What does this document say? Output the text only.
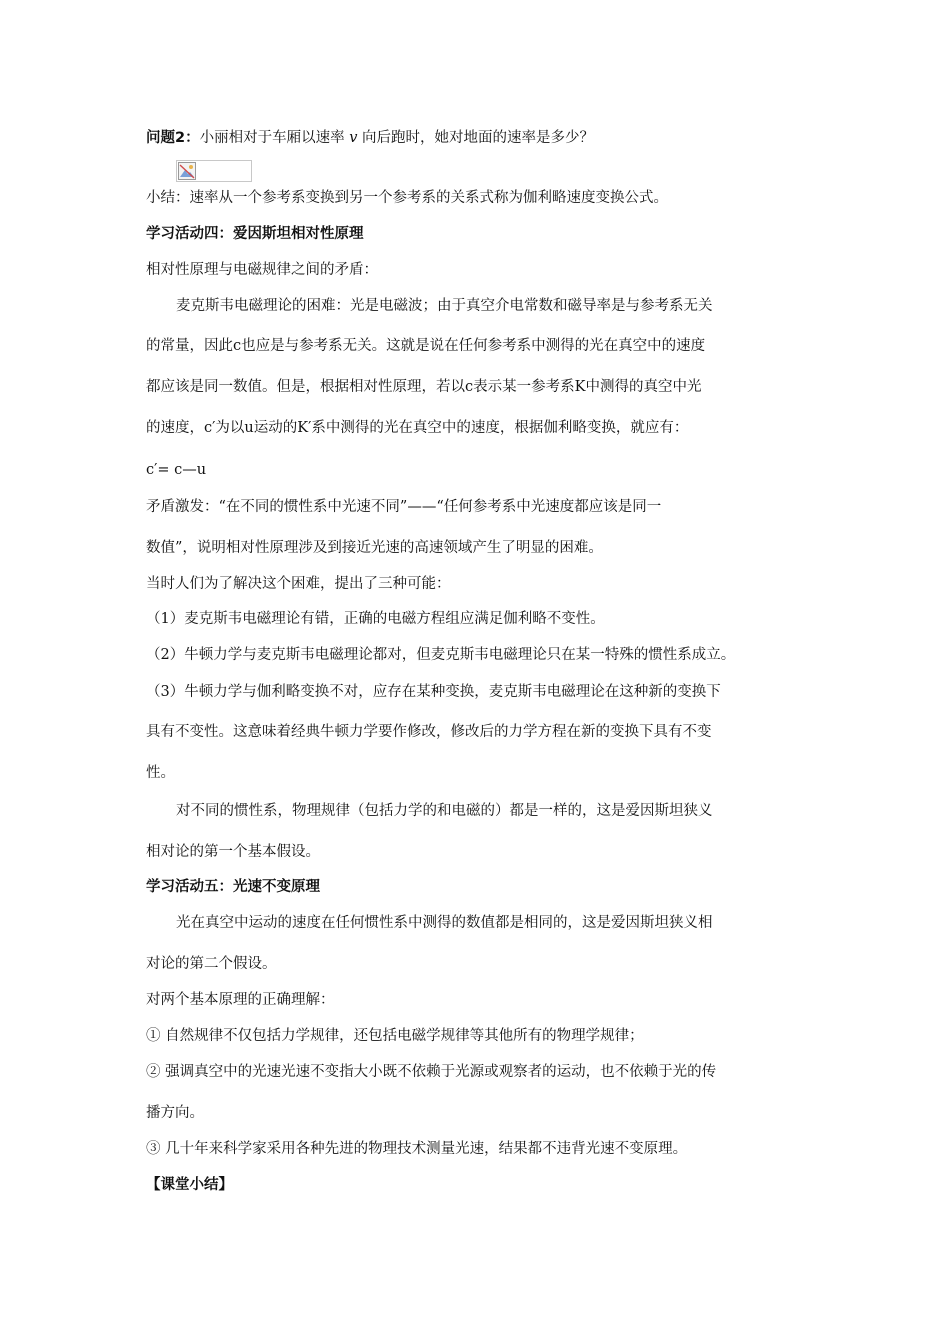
问题2：小丽相对于车厢以速率 v 向后跑时，她对地面的速率是多少？
小结：速率从一个参考系变换到另一个参考系的关系式称为伽利略速度变换公式。
学习活动四：爱因斯坦相对性原理
相对性原理与电磁规律之间的矛盾：
麦克斯韦电磁理论的困难：光是电磁波；由于真空介电常数和磁导率是与参考系无关
的常量，因此c也应是与参考系无关。这就是说在任何参考系中测得的光在真空中的速度
都应该是同一数值。但是，根据相对性原理，若以c表示某一参考系K中测得的真空中光
的速度，c′为以u运动的K′系中测得的光在真空中的速度，根据伽利略变换，就应有：
c′= c—u
矛盾激发：“在不同的惯性系中光速不同”——“任何参考系中光速度都应该是同一
数值”，说明相对性原理涉及到接近光速的高速领域产生了明显的困难。
当时人们为了解决这个困难，提出了三种可能：
（1）麦克斯韦电磁理论有错，正确的电磁方程组应满足伽利略不变性。
（2）牛顿力学与麦克斯韦电磁理论都对，但麦克斯韦电磁理论只在某一特殊的惯性系成立。
（3）牛顿力学与伽利略变换不对，应存在某种变换，麦克斯韦电磁理论在这种新的变换下
具有不变性。这意味着经典牛顿力学要作修改，修改后的力学方程在新的变换下具有不变
性。
对不同的惯性系，物理规律（包括力学的和电磁的）都是一样的，这是爱因斯坦狭义
相对论的第一个基本假设。
学习活动五：光速不变原理
光在真空中运动的速度在任何惯性系中测得的数值都是相同的，这是爱因斯坦狭义相
对论的第二个假设。
对两个基本原理的正确理解：
① 自然规律不仅包括力学规律，还包括电磁学规律等其他所有的物理学规律；
② 强调真空中的光速光速不变指大小既不依赖于光源或观察者的运动，也不依赖于光的传
播方向。
③ 几十年来科学家采用各种先进的物理技术测量光速，结果都不违背光速不变原理。
【课堂小结】
